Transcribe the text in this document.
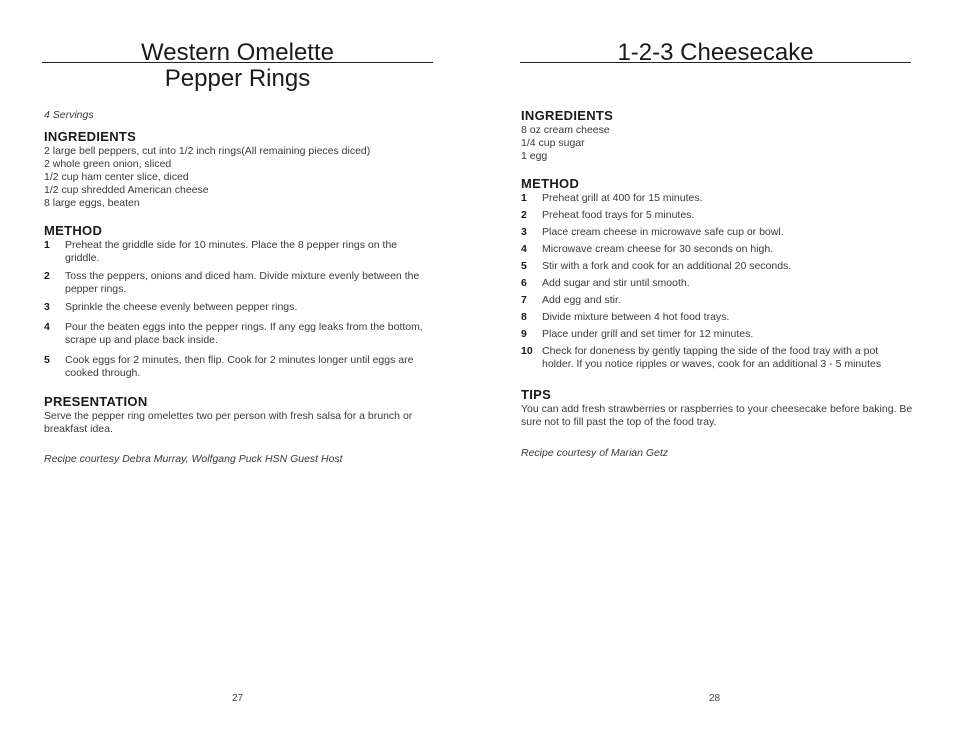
Western Omelette
Pepper Rings
4 Servings
INGREDIENTS
2 large bell peppers, cut into 1/2 inch rings(All remaining pieces diced)
2 whole green onion, sliced
1/2 cup ham center slice, diced
1/2 cup shredded American cheese
8 large eggs, beaten
METHOD
1	Preheat the griddle side for 10 minutes. Place the 8 pepper rings on the griddle.
2	Toss the peppers, onions and diced ham. Divide mixture evenly between the pepper rings.
3	Sprinkle the cheese evenly between pepper rings.
4	Pour the beaten eggs into the pepper rings. If any egg leaks from the bottom, scrape up and place back inside.
5	Cook eggs for 2 minutes, then flip. Cook for 2 minutes longer until eggs are cooked through.
PRESENTATION
Serve the pepper ring omelettes two per person with fresh salsa for a brunch or breakfast idea.
Recipe courtesy Debra Murray, Wolfgang Puck HSN Guest Host
27
1-2-3 Cheesecake
INGREDIENTS
8 oz cream cheese
1/4 cup sugar
1 egg
METHOD
1	Preheat grill at 400 for 15 minutes.
2	Preheat food trays for 5 minutes.
3	Place cream cheese in microwave safe cup or bowl.
4	Microwave cream cheese for 30 seconds on high.
5	Stir with a fork and cook for an additional 20 seconds.
6	Add sugar and stir until smooth.
7	Add egg and stir.
8	Divide mixture between 4 hot food trays.
9	Place under grill and set timer for 12 minutes.
10 Check for doneness by gently tapping the side of the food tray with a pot holder. If you notice ripples or waves, cook for an additional 3 - 5 minutes
TIPS
You can add fresh strawberries or raspberries to your cheesecake before baking. Be sure not to fill past the top of the food tray.
Recipe courtesy of Marian Getz
28
